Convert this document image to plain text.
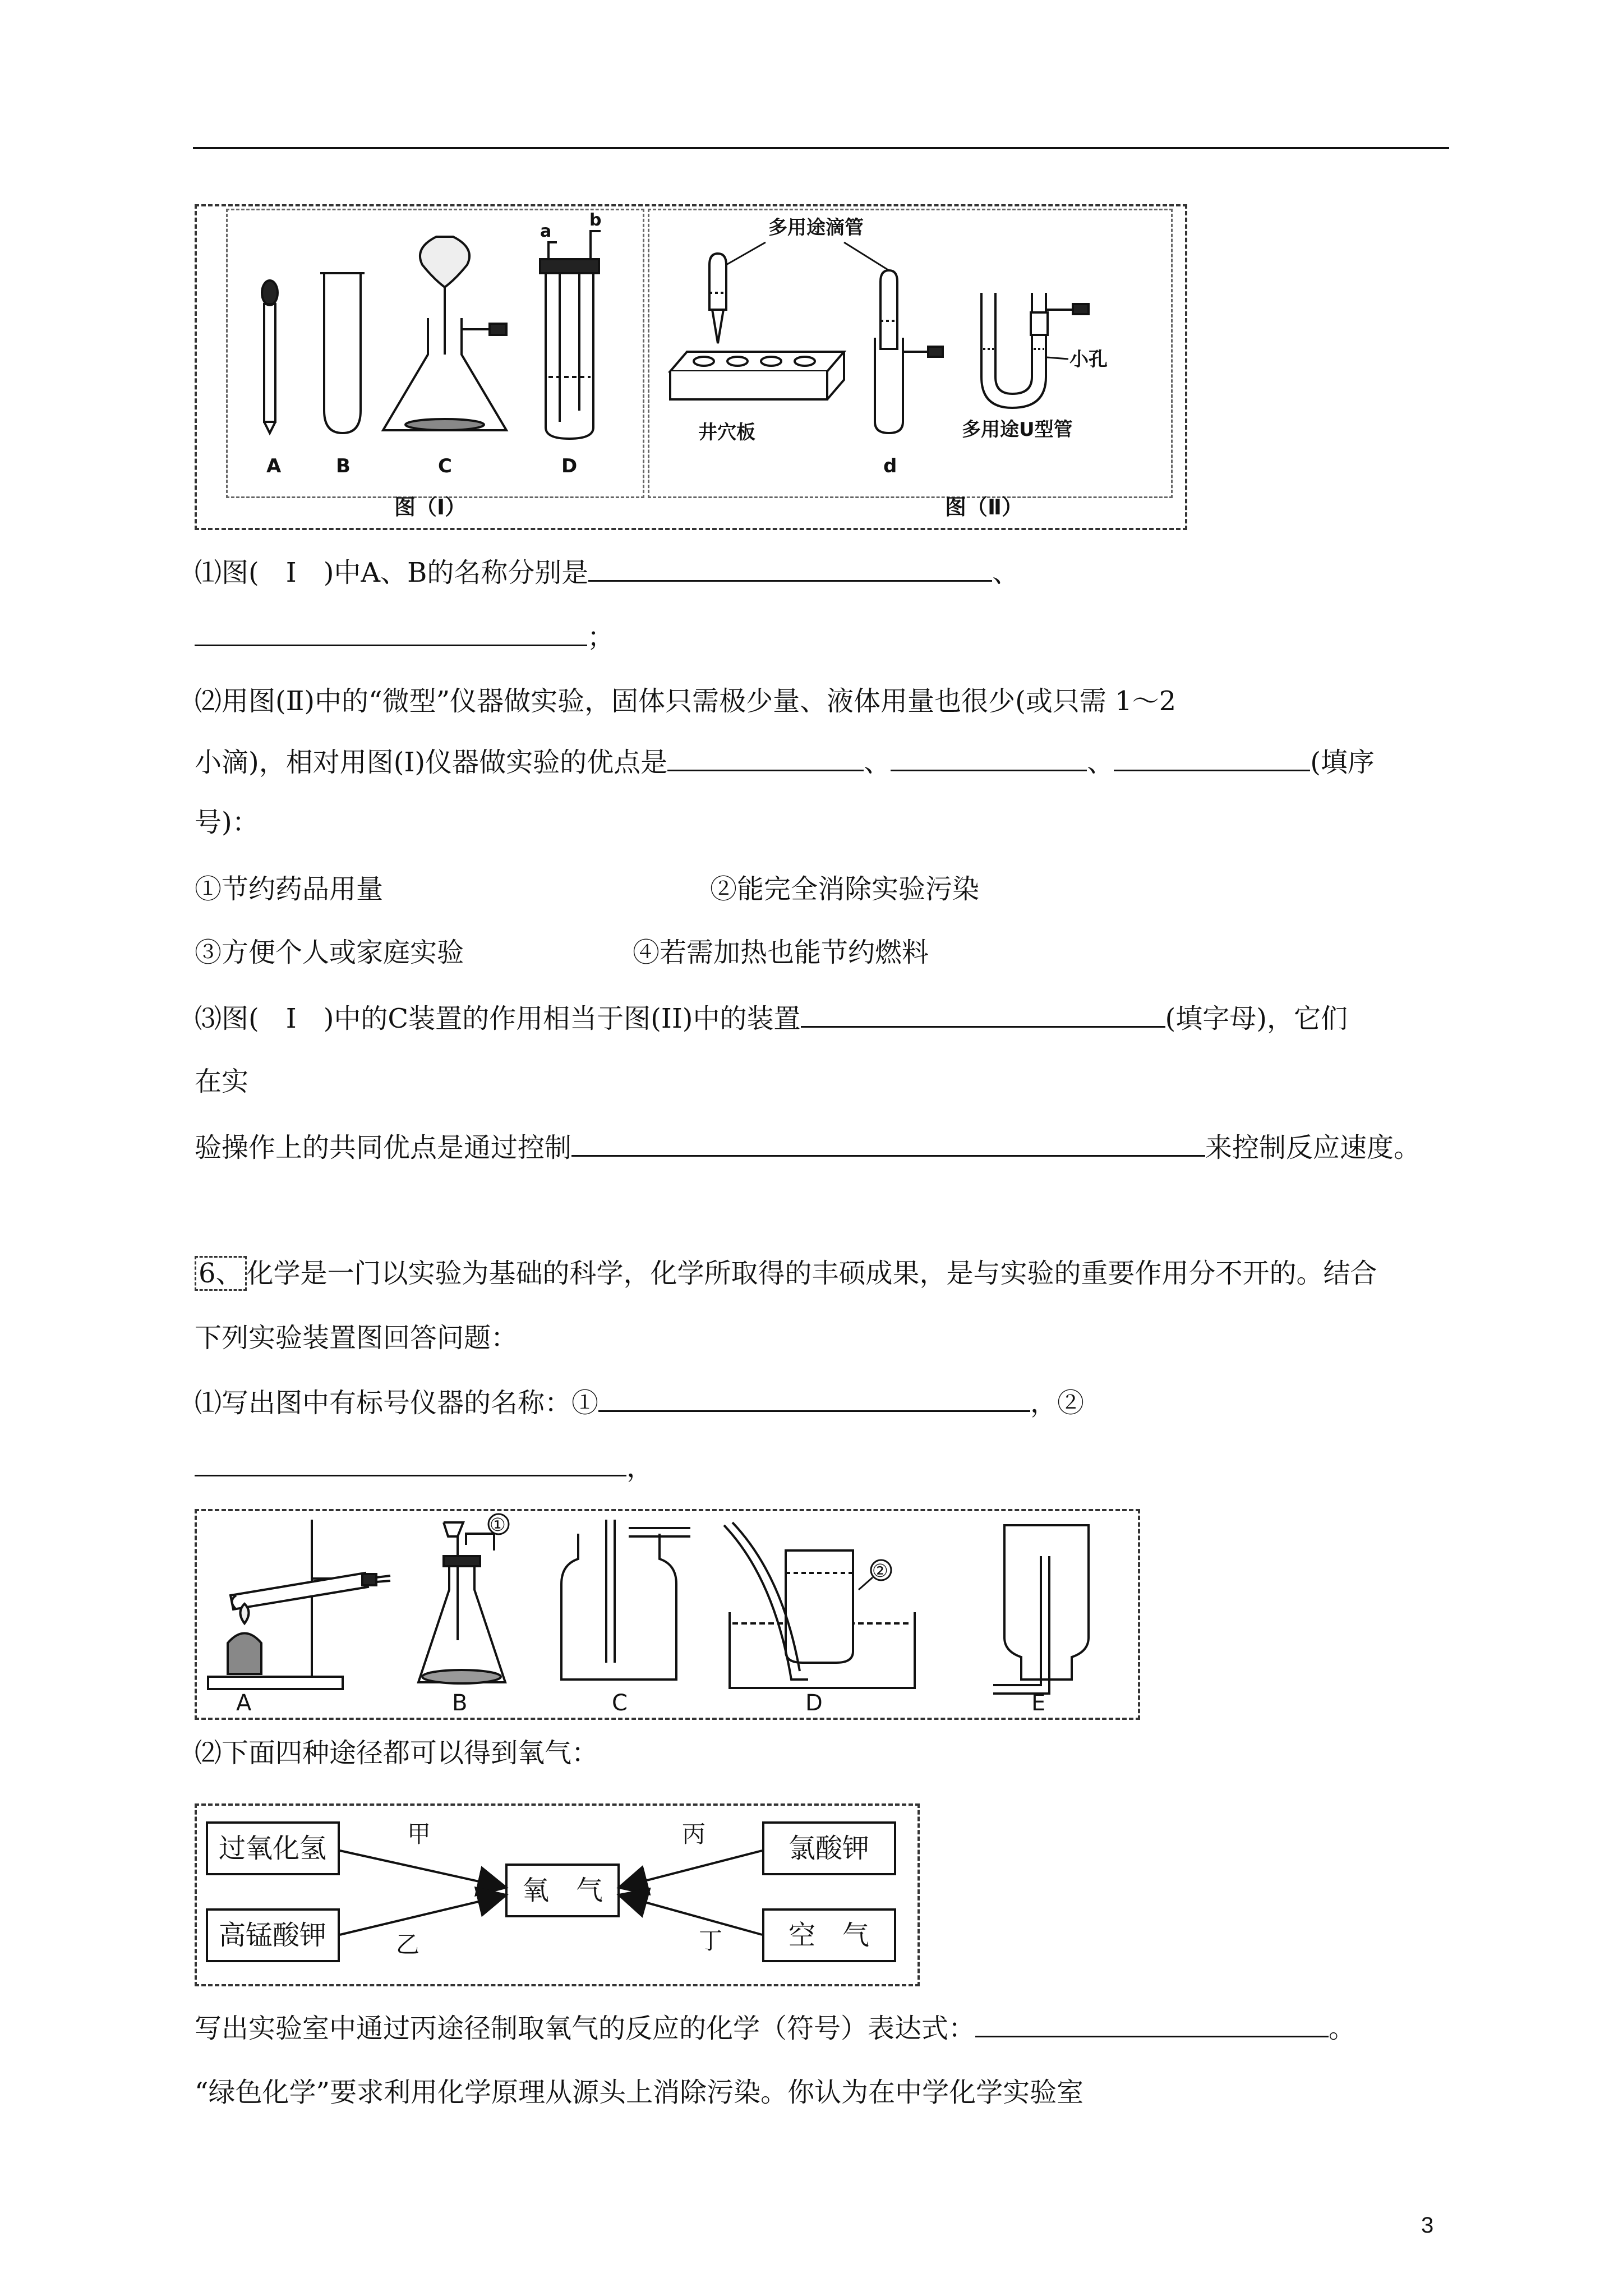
A	B	C	D
a
b
图（Ⅰ）
多用途滴管
井穴板
d
小孔
多用途U型管
图（Ⅱ）
⑴图(　Ⅰ　)中A、B的名称分别是	、
；
⑵用图(Ⅱ)中的“微型”仪器做实验，固体只需极少量、液体用量也很少(或只需 1～2
小滴)，相对用图(Ⅰ)仪器做实验的优点是	、	、	(填序
号)：
①节约药品用量	②能完全消除实验污染
③方便个人或家庭实验	④若需加热也能节约燃料
⑶图(　Ⅰ　)中的C装置的作用相当于图(II)中的装置	(填字母)，它们
在实
验操作上的共同优点是通过控制	来控制反应速度。
6、 化学是一门以实验为基础的科学，化学所取得的丰硕成果，是与实验的重要作用分不开的。结合
下列实验装置图回答问题：
⑴写出图中有标号仪器的名称：①	，②
，
A
①
B	C
②
D	E
⑵下面四种途径都可以得到氧气：
过氧化氢
高锰酸钾
氧　气
氯酸钾
空　气
甲
乙
丙
丁
写出实验室中通过丙途径制取氧气的反应的化学（符号）表达式：	。
“绿色化学”要求利用化学原理从源头上消除污染。你认为在中学化学实验室
3
